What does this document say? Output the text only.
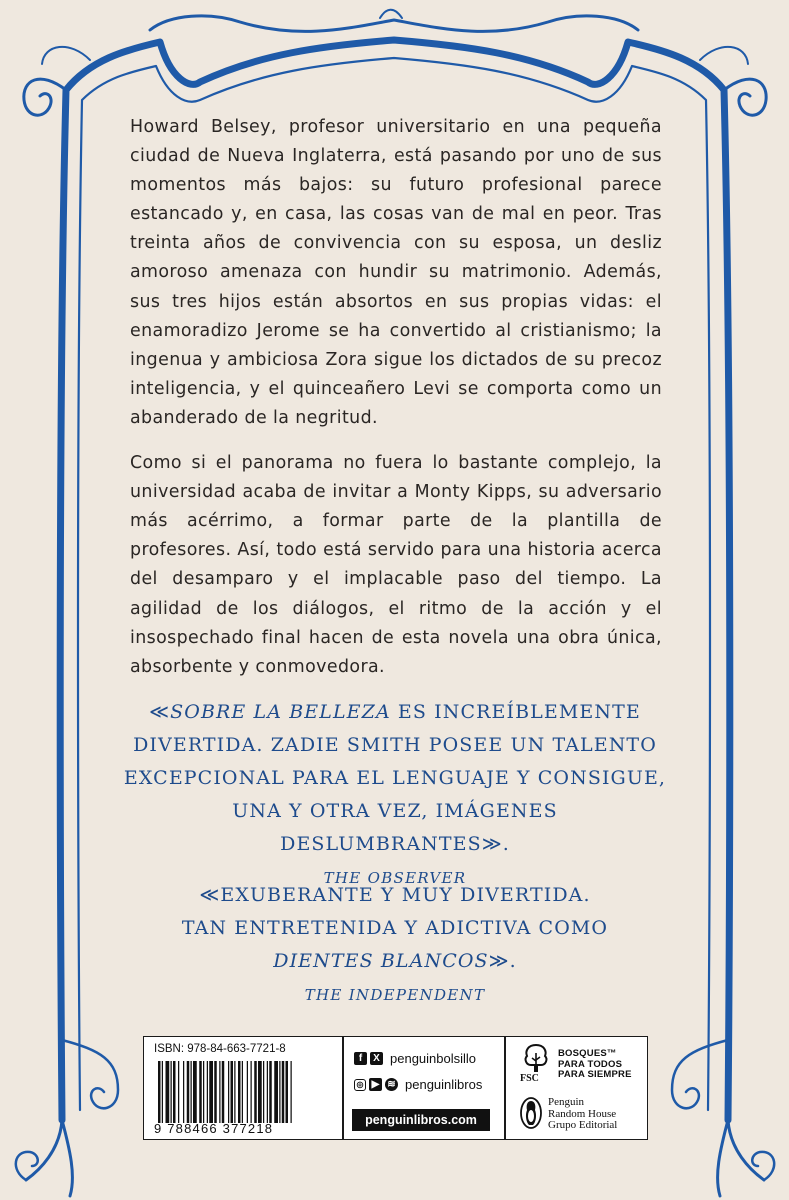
Howard Belsey, profesor universitario en una pequeña ciudad de Nueva Inglaterra, está pasando por uno de sus momentos más bajos: su futuro profesional parece estancado y, en casa, las cosas van de mal en peor. Tras treinta años de convivencia con su esposa, un desliz amoroso amenaza con hundir su matrimonio. Además, sus tres hijos están absortos en sus propias vidas: el enamoradizo Jerome se ha convertido al cristianismo; la ingenua y ambiciosa Zora sigue los dictados de su precoz inteligencia, y el quinceañero Levi se comporta como un abanderado de la negritud.

Como si el panorama no fuera lo bastante complejo, la universidad acaba de invitar a Monty Kipps, su adversario más acérrimo, a formar parte de la plantilla de profesores. Así, todo está servido para una historia acerca del desamparo y el implacable paso del tiempo. La agilidad de los diálogos, el ritmo de la acción y el insospechado final hacen de esta novela una obra única, absorbente y conmovedora.

≪SOBRE LA BELLEZA ES INCREÍBLEMENTE
DIVERTIDA. ZADIE SMITH POSEE UN TALENTO
EXCEPCIONAL PARA EL LENGUAJE Y CONSIGUE,
UNA Y OTRA VEZ, IMÁGENES DESLUMBRANTES≫.
THE OBSERVER
≪EXUBERANTE Y MUY DIVERTIDA.
TAN ENTRETENIDA Y ADICTIVA COMO
DIENTES BLANCOS≫.
THE INDEPENDENT
ISBN: 978-84-663-7721-8
9 788466 377218
f	X penguinbolsillo
◎ ▶ ≋ penguinlibros
penguinlibros.com
FSC
BOSQUES™
PARA TODOS
PARA SIEMPRE
Penguin
Random House
Grupo Editorial
